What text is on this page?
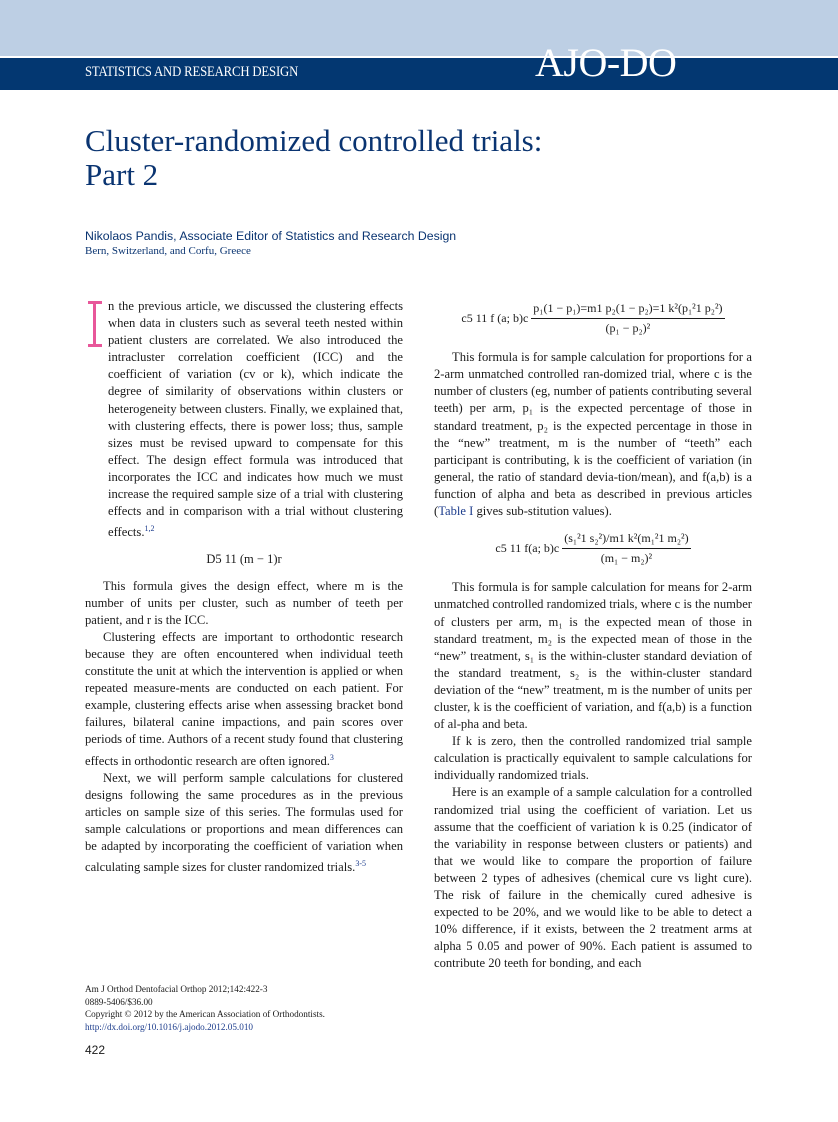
STATISTICS AND RESEARCH DESIGN	AJO-DO
Cluster-randomized controlled trials:
Part 2
Nikolaos Pandis, Associate Editor of Statistics and Research Design
Bern, Switzerland, and Corfu, Greece

n the previous article, we discussed the clustering effects when data in clusters such as several teeth nested within patient clusters are correlated. We also introduced the intracluster correlation coefficient (ICC) and the coefficient of variation (cv or k), which indicate the degree of similarity of observations within clusters or heterogeneity between clusters. Finally, we explained that, with clustering effects, there is power loss; thus, sample sizes must be revised upward to compensate for this effect. The design effect formula was introduced that incorporates the ICC and indicates how much we must increase the required sample size of a trial with clustering effects and in comparison with a trial without clustering effects.$^{1,2}$

D5 11 (m − 1)r

This formula gives the design effect, where m is the number of units per cluster, such as number of teeth per patient, and r is the ICC.

Clustering effects are important to orthodontic research because they are often encountered when individual teeth constitute the unit at which the intervention is applied or when repeated measure-ments are conducted on each patient. For example, clustering effects arise when assessing bracket bond failures, bilateral canine impactions, and pain scores over periods of time. Authors of a recent study found that clustering effects in orthodontic research are often ignored.$^3$

Next, we will perform sample calculations for clustered designs following the same procedures as in the previous articles on sample size of this series. The formulas used for sample calculations or proportions and mean differences can be adapted by incorporating the coefficient of variation when calculating sample sizes for cluster randomized trials.$^{3-5}$

c5 11 f (a; $b)c \frac{\text{p₁(1 − p₁)=m1 p₂(1 − p₂)=1 k²(p₁²1 p₂²)}}{\text{(p₁ − p₂)²}}$

This formula is for sample calculation for proportions for a 2-arm unmatched controlled ran-domized trial, where c is the number of clusters (eg, number of patients contributing several teeth) per arm, p₁ is the expected percentage of those in standard treatment, p₂ is the expected percentage in those in the “new” treatment, m is the number of “teeth” each participant is contributing, k is the coefficient of variation (in general, the ratio of standard devia-tion/mean), and f(a,b) is a function of alpha and beta as described in previous articles (Table I gives sub-stitution values).

c5 11 f(a; $b)c \frac{\text{(s₁²1 s₂²)/m1 k²(m₁²1 m₂²)}}{\text{(m₁ − m₂)²}}$

This formula is for sample calculation for means for 2-arm unmatched controlled randomized trials, where c is the number of clusters per arm, m₁ is the expected mean of those in standard treatment, m₂ is the expected mean of those in the “new” treatment, s₁ is the within-cluster standard deviation of the standard treatment, s₂ is the within-cluster standard deviation of the “new” treatment, m is the number of units per cluster, k is the coefficient of variation, and f(a,b) is a function of al-pha and beta.

If k is zero, then the controlled randomized trial sample calculation is practically equivalent to sample calculations for individually randomized trials.

Here is an example of a sample calculation for a controlled randomized trial using the coefficient of variation. Let us assume that the coefficient of variation k is 0.25 (indicator of the variability in response between clusters or patients) and that we would like to compare the proportion of failure between 2 types of adhesives (chemical cure vs light cure). The risk of failure in the chemically cured adhesive is expected to be 20%, and we would like to be able to detect a 10% difference, if it exists, between the 2 treatment arms at alpha 5 0.05 and power of 90%. Each patient is assumed to contribute 20 teeth for bonding, and each

Am J Orthod Dentofacial Orthop 2012;142:422-3
0889-5406/$36.00
Copyright © 2012 by the American Association of Orthodontists.
http://dx.doi.org/10.1016/j.ajodo.2012.05.010
422
